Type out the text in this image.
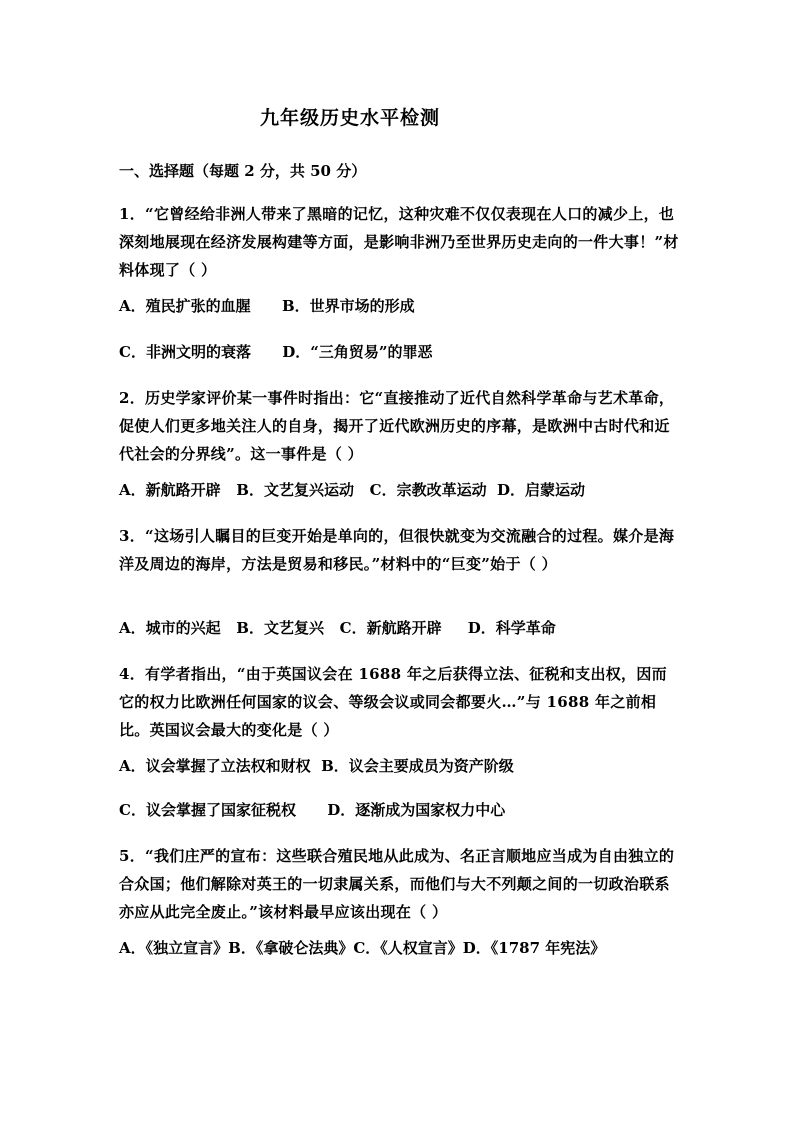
九年级历史水平检测
一、选择题（每题 2 分，共 50 分）
1．“它曾经给非洲人带来了黑暗的记忆，这种灾难不仅仅表现在人口的减少上，也深刻地展现在经济发展构建等方面，是影响非洲乃至世界历史走向的一件大事！”材料体现了（ ）
A．殖民扩张的血腥      B．世界市场的形成
C．非洲文明的衰落      D．“三角贸易”的罪恶
2．历史学家评价某一事件时指出：它“直接推动了近代自然科学革命与艺术革命，促使人们更多地关注人的自身，揭开了近代欧洲历史的序幕，是欧洲中古时代和近代社会的分界线”。这一事件是（ ）
A．新航路开辟   B．文艺复兴运动   C．宗教改革运动  D．启蒙运动
3．“这场引人瞩目的巨变开始是单向的，但很快就变为交流融合的过程。媒介是海洋及周边的海岸，方法是贸易和移民。”材料中的“巨变”始于（ ）
A．城市的兴起   B．文艺复兴   C．新航路开辟     D．科学革命
4．有学者指出，“由于英国议会在 1688 年之后获得立法、征税和支出权，因而它的权力比欧洲任何国家的议会、等级会议或同会都要火…”与 1688 年之前相比。英国议会最大的变化是（ ）
A．议会掌握了立法权和财权  B．议会主要成员为资产阶级
C．议会掌握了国家征税权      D．逐渐成为国家权力中心
5．“我们庄严的宣布：这些联合殖民地从此成为、名正言顺地应当成为自由独立的合众国；他们解除对英王的一切隶属关系，而他们与大不列颠之间的一切政治联系亦应从此完全废止。”该材料最早应该出现在（ ）
A．《独立宣言》B．《拿破仑法典》C．《人权宣言》D．《1787 年宪法》
